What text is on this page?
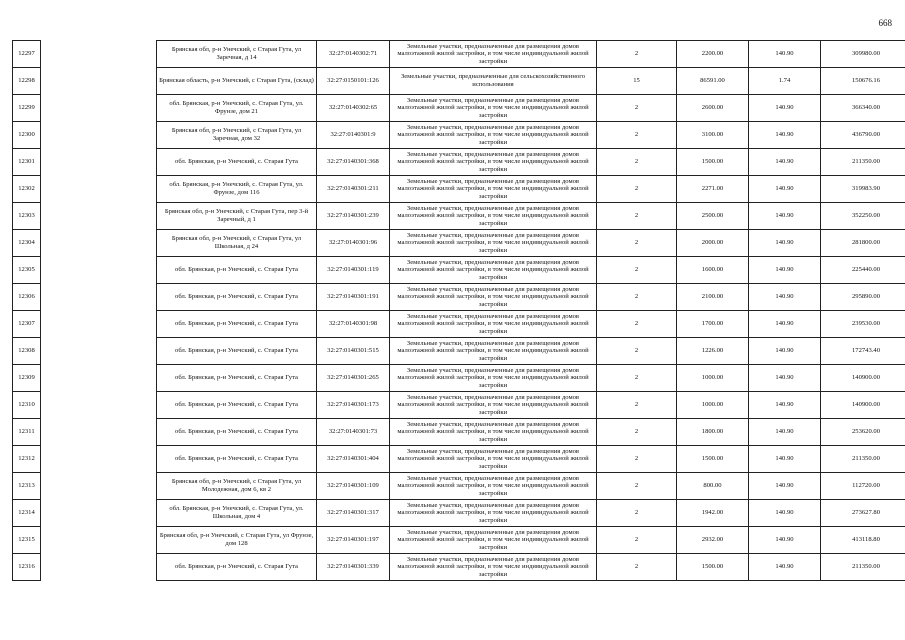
668
12297		Брянская обл, р-н Унечский, с Старая Гута, ул Заречная, д 14	32:27:0140302:71	Земельные участки, предназначенные для размещения домов малоэтажной жилой застройки, в том числе индивидуальной жилой застройки	2	2200.00	140.90	309980.00
12298		Брянская область, р-н Унечский, с Старая Гута, (склад)	32:27:0150101:126	Земельные участки, предназначенные для сельскохозяйственного использования	15	86591.00	1.74	150676.16
12299		обл. Брянская, р-н Унечский, с. Старая Гута, ул. Фрунзе, дом 21	32:27:0140302:65	Земельные участки, предназначенные для размещения домов малоэтажной жилой застройки, в том числе индивидуальной жилой застройки	2	2600.00	140.90	366340.00
12300		Брянская обл, р-н Унечский, с Старая Гута, ул Заречная, дом 32	32:27:0140301:9	Земельные участки, предназначенные для размещения домов малоэтажной жилой застройки, в том числе индивидуальной жилой застройки	2	3100.00	140.90	436790.00
12301		обл. Брянская, р-н Унечский, с. Старая Гута	32:27:0140301:368	Земельные участки, предназначенные для размещения домов малоэтажной жилой застройки, в том числе индивидуальной жилой застройки	2	1500.00	140.90	211350.00
12302		обл. Брянская, р-н Унечский, с. Старая Гута, ул. Фрунзе, дом 116	32:27:0140301:211	Земельные участки, предназначенные для размещения домов малоэтажной жилой застройки, в том числе индивидуальной жилой застройки	2	2271.00	140.90	319983.90
12303		Брянская обл, р-н Унечский, с Старая Гута, пер 3-й Заречный, д 1	32:27:0140301:239	Земельные участки, предназначенные для размещения домов малоэтажной жилой застройки, в том числе индивидуальной жилой застройки	2	2500.00	140.90	352250.00
12304		Брянская обл, р-н Унечский, с Старая Гута, ул Школьная, д 24	32:27:0140301:96	Земельные участки, предназначенные для размещения домов малоэтажной жилой застройки, в том числе индивидуальной жилой застройки	2	2000.00	140.90	281800.00
12305		обл. Брянская, р-н Унечский, с. Старая Гута	32:27:0140301:119	Земельные участки, предназначенные для размещения домов малоэтажной жилой застройки, в том числе индивидуальной жилой застройки	2	1600.00	140.90	225440.00
12306		обл. Брянская, р-н Унечский, с. Старая Гута	32:27:0140301:191	Земельные участки, предназначенные для размещения домов малоэтажной жилой застройки, в том числе индивидуальной жилой застройки	2	2100.00	140.90	295890.00
12307		обл. Брянская, р-н Унечский, с. Старая Гута	32:27:0140301:98	Земельные участки, предназначенные для размещения домов малоэтажной жилой застройки, в том числе индивидуальной жилой застройки	2	1700.00	140.90	239530.00
12308		обл. Брянская, р-н Унечский, с. Старая Гута	32:27:0140301:515	Земельные участки, предназначенные для размещения домов малоэтажной жилой застройки, в том числе индивидуальной жилой застройки	2	1226.00	140.90	172743.40
12309		обл. Брянская, р-н Унечский, с. Старая Гута	32:27:0140301:265	Земельные участки, предназначенные для размещения домов малоэтажной жилой застройки, в том числе индивидуальной жилой застройки	2	1000.00	140.90	140900.00
12310		обл. Брянская, р-н Унечский, с. Старая Гута	32:27:0140301:173	Земельные участки, предназначенные для размещения домов малоэтажной жилой застройки, в том числе индивидуальной жилой застройки	2	1000.00	140.90	140900.00
12311		обл. Брянская, р-н Унечский, с. Старая Гута	32:27:0140301:73	Земельные участки, предназначенные для размещения домов малоэтажной жилой застройки, в том числе индивидуальной жилой застройки	2	1800.00	140.90	253620.00
12312		обл. Брянская, р-н Унечский, с. Старая Гута	32:27:0140301:404	Земельные участки, предназначенные для размещения домов малоэтажной жилой застройки, в том числе индивидуальной жилой застройки	2	1500.00	140.90	211350.00
12313		Брянская обл, р-н Унечский, с Старая Гута, ул Молодежная, дом 6, кв 2	32:27:0140301:109	Земельные участки, предназначенные для размещения домов малоэтажной жилой застройки, в том числе индивидуальной жилой застройки	2	800.00	140.90	112720.00
12314		обл. Брянская, р-н Унечский, с. Старая Гута, ул. Школьная, дом 4	32:27:0140301:317	Земельные участки, предназначенные для размещения домов малоэтажной жилой застройки, в том числе индивидуальной жилой застройки	2	1942.00	140.90	273627.80
12315		Брянская обл, р-н Унечский, с Старая Гута, ул Фрунзе, дом 128	32:27:0140301:197	Земельные участки, предназначенные для размещения домов малоэтажной жилой застройки, в том числе индивидуальной жилой застройки	2	2932.00	140.90	413118.80
12316		обл. Брянская, р-н Унечский, с. Старая Гута	32:27:0140301:339	Земельные участки, предназначенные для размещения домов малоэтажной жилой застройки, в том числе индивидуальной жилой застройки	2	1500.00	140.90	211350.00
